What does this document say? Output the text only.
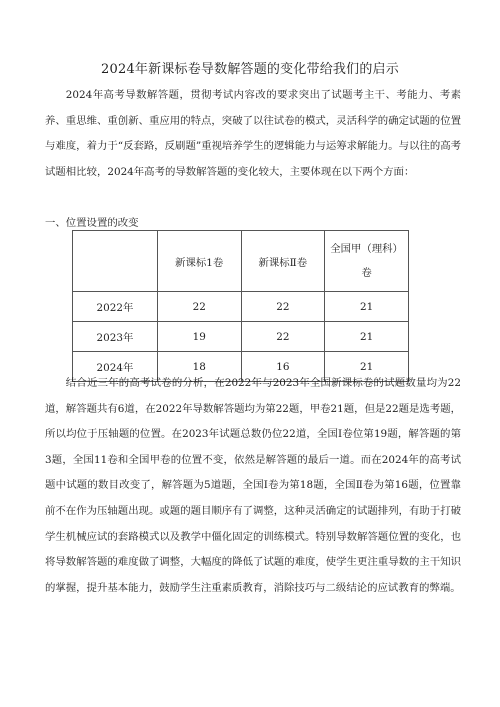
2024年新课标卷导数解答题的变化带给我们的启示

2024年高考导数解答题，贯彻考试内容改的要求突出了试题考主干、考能力、考素养、重思维、重创新、重应用的特点，突破了以往试卷的模式，灵活科学的确定试题的位置与难度，着力于“反套路，反刷题”重视培养学生的逻辑能力与运筹求解能力。与以往的高考试题相比较，2024年高考的导数解答题的变化较大，主要体现在以下两个方面：

一、位置设置的改变
	新课标1卷	新课标Ⅱ卷	全国甲（理科）
卷

2022年	22	22	21
2023年	19	22	21
2024年	18	16	21

结合近三年的高考试卷的分析，在2022年与2023年全国新课标卷的试题数量均为22道，解答题共有6道，在2022年导数解答题均为第22题，甲卷21题，但是22题是选考题，所以均位于压轴题的位置。在2023年试题总数仍位22道，全国Ⅰ卷位第19题，解答题的第3题，全国11卷和全国甲卷的位置不变，依然是解答题的最后一道。而在2024年的高考试题中试题的数目改变了，解答题为5道题，全国Ⅰ卷为第18题，全国Ⅱ卷为第16题，位置靠前不在作为压轴题出现。或题的题目顺序有了调整，这种灵活确定的试题排列，有助于打破学生机械应试的套路模式以及教学中僵化固定的训练模式。特别导数解答题位置的变化，也将导数解答题的难度做了调整，大幅度的降低了试题的难度，使学生更注重导数的主干知识的掌握，提升基本能力，鼓励学生注重素质教育，消除技巧与二级结论的应试教育的弊端。
